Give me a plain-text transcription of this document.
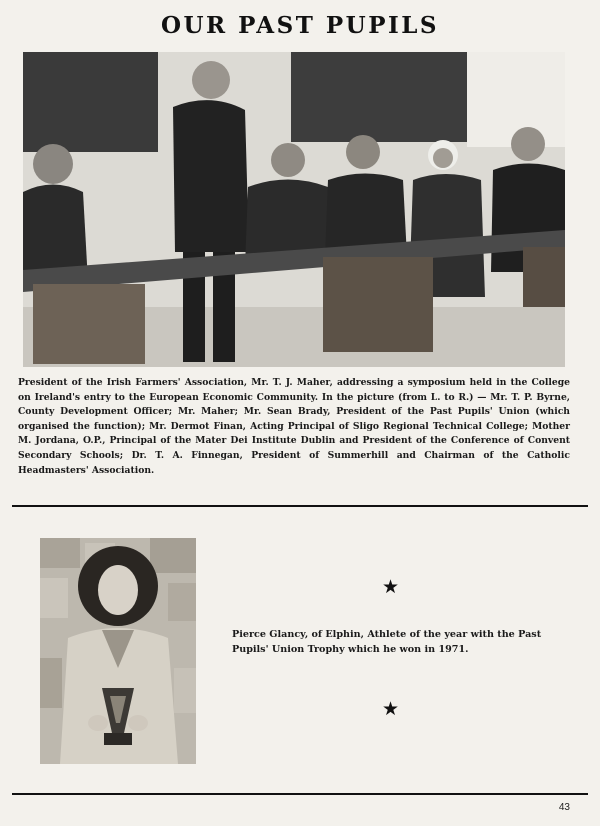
OUR PAST PUPILS
President of the Irish Farmers' Association, Mr. T. J. Maher, addressing a symposium held in the College on Ireland's entry to the European Economic Community. In the picture (from L. to R.) — Mr. T. P. Byrne, County Development Officer; Mr. Maher; Mr. Sean Brady, President of the Past Pupils' Union (which organised the function); Mr. Dermot Finan, Acting Principal of Sligo Regional Technical College; Mother M. Jordana, O.P., Principal of the Mater Dei Institute Dublin and President of the Conference of Convent Secondary Schools; Dr. T. A. Finnegan, President of Summerhill and Chairman of the Catholic Headmasters' Association.
★
Pierce Glancy, of Elphin, Athlete of the year with the Past Pupils' Union Trophy which he won in 1971.
★
43
